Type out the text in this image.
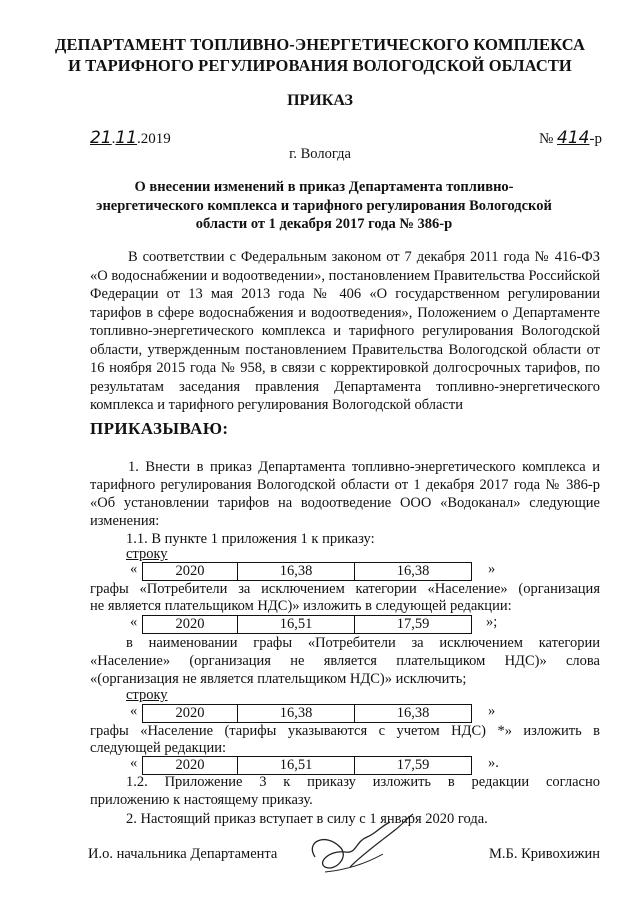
ДЕПАРТАМЕНТ ТОПЛИВНО-ЭНЕРГЕТИЧЕСКОГО КОМПЛЕКСА
И ТАРИФНОГО РЕГУЛИРОВАНИЯ ВОЛОГОДСКОЙ ОБЛАСТИ
ПРИКАЗ
21.11.2019	№ 414-р
г. Вологда
О внесении изменений в приказ Департамента топливно-
энергетического комплекса и тарифного регулирования Вологодской
области от 1 декабря 2017 года № 386-р
В соответствии с Федеральным законом от 7 декабря 2011 года № 416-ФЗ «О водоснабжении и водоотведении», постановлением Правительства Российской Федерации от 13 мая 2013 года № 406 «О государственном регулировании тарифов в сфере водоснабжения и водоотведения», Положением о Департаменте топливно-энергетического комплекса и тарифного регулирования Вологодской области, утвержденным постановлением Правительства Вологодской области от 16 ноября 2015 года № 958, в связи с корректировкой долгосрочных тарифов, по результатам заседания правления Департамента топливно-энергетического комплекса и тарифного регулирования Вологодской области
ПРИКАЗЫВАЮ:
1. Внести в приказ Департамента топливно-энергетического комплекса и тарифного регулирования Вологодской области от 1 декабря 2017 года № 386-р «Об установлении тарифов на водоотведение ООО «Водоканал» следующие изменения:
1.1. В пункте 1 приложения 1 к приказу:
строку
«	2020	16,38	16,38	»
графы «Потребители за исключением категории «Население» (организация
не является плательщиком НДС)» изложить в следующей редакции:
«	2020	16,51	17,59	»;
в наименовании графы «Потребители за исключением категории
«Население» (организация не является плательщиком НДС)» слова
«(организация не является плательщиком НДС)» исключить;
строку
«	2020	16,38	16,38	»
графы «Население (тарифы указываются с учетом НДС) *» изложить в
следующей редакции:
«	2020	16,51	17,59	».
1.2. Приложение 3 к приказу изложить в редакции согласно
приложению к настоящему приказу.
2. Настоящий приказ вступает в силу с 1 января 2020 года.
И.о. начальника Департамента	М.Б. Кривохижин
